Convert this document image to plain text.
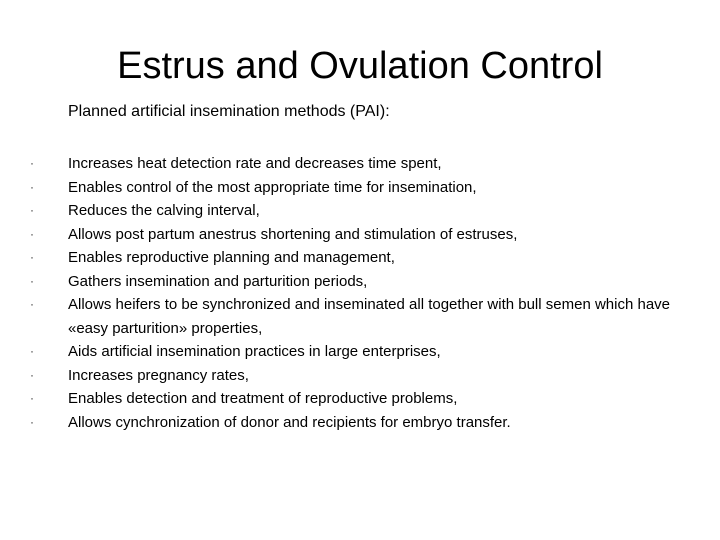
Estrus and Ovulation Control

Planned artificial insemination methods (PAI):

·	Increases heat detection rate and decreases time spent,
·	Enables control of the most appropriate time for insemination,
·	Reduces the calving interval,
·	Allows post partum anestrus shortening and stimulation of estruses,
·	Enables reproductive planning and management,
·	Gathers insemination and parturition periods,
·	Allows heifers to be synchronized and inseminated all together with bull semen which have «easy parturition» properties,
·	Aids artificial insemination practices in large enterprises,
·	Increases pregnancy rates,
·	Enables detection and treatment of reproductive problems,
·	Allows cynchronization of donor and recipients for embryo transfer.
